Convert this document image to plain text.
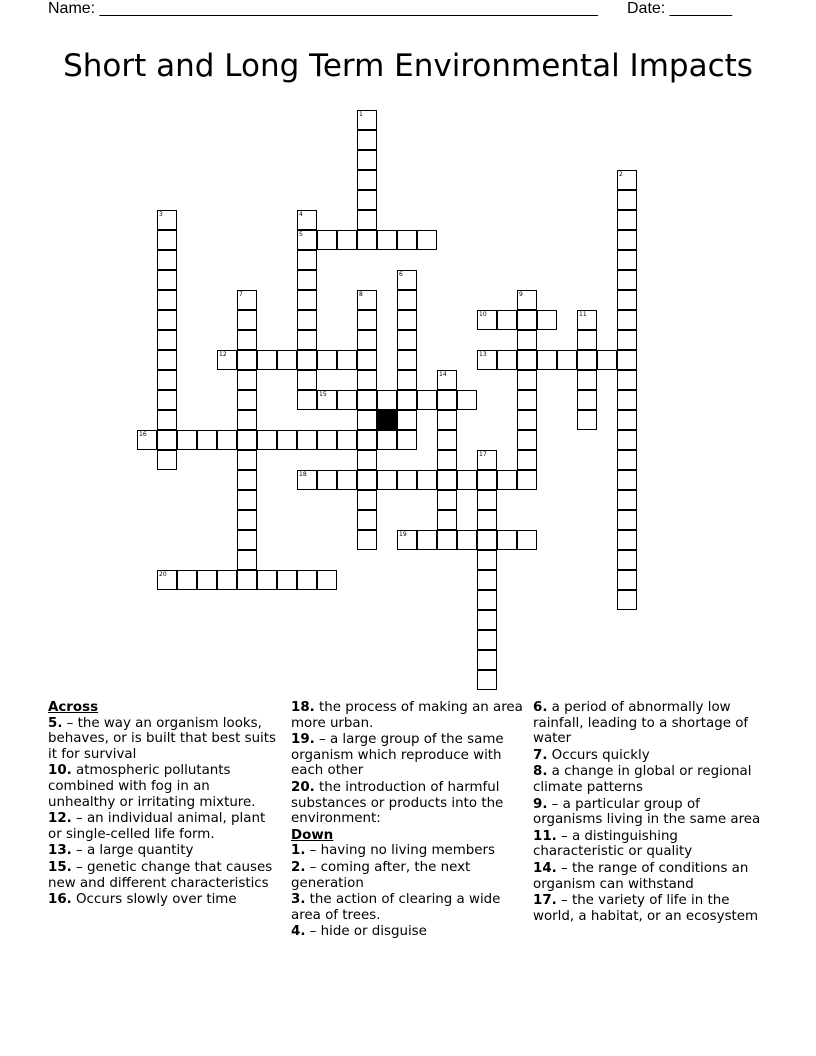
Name: ________________________________________________________ Date: _______
Short and Long Term Environmental Impacts
1
2
3	4
5
6
7	8	9
10	11
12	13
14
15
16
17
18
19
20
Across
5. – the way an organism looks, behaves, or is built that best suits it for survival
10. atmospheric pollutants combined with fog in an unhealthy or irritating mixture.
12. – an individual animal, plant or single-celled life form.
13. – a large quantity
15. – genetic change that causes new and different characteristics
16. Occurs slowly over time
18. the process of making an area more urban.
19. – a large group of the same organism which reproduce with each other
20. the introduction of harmful substances or products into the environment:
Down
1. – having no living members
2. – coming after, the next generation
3. the action of clearing a wide area of trees.
4. – hide or disguise
6. a period of abnormally low rainfall, leading to a shortage of water
7. Occurs quickly
8. a change in global or regional climate patterns
9. – a particular group of organisms living in the same area
11. – a distinguishing characteristic or quality
14. – the range of conditions an organism can withstand
17. – the variety of life in the world, a habitat, or an ecosystem
